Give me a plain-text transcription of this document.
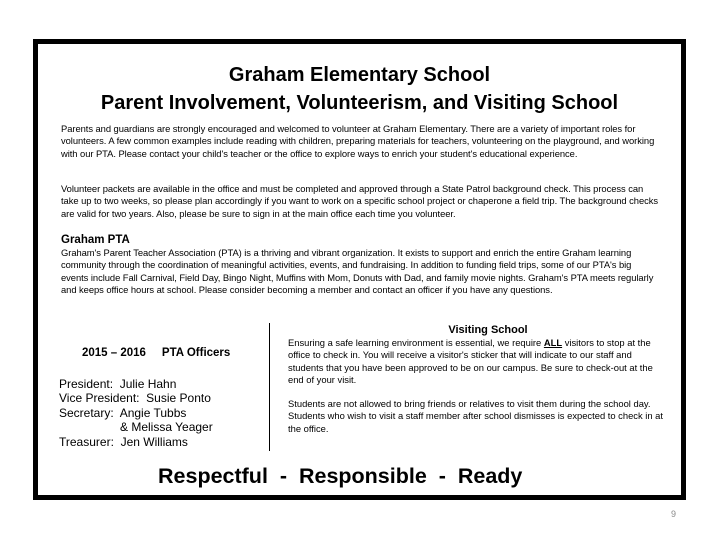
Graham Elementary School
Parent Involvement, Volunteerism, and Visiting School
Parents and guardians are strongly encouraged and welcomed to volunteer at Graham Elementary. There are a variety of important roles for volunteers. A few common examples include reading with children, preparing materials for teachers, volunteering on the playground, and working with our PTA. Please contact your child's teacher or the office to explore ways to enrich your student's educational experience.
Volunteer packets are available in the office and must be completed and approved through a State Patrol background check. This process can take up to two weeks, so please plan accordingly if you want to work on a specific school project or chaperone a field trip. The background checks are valid for two years. Also, please be sure to sign in at the main office each time you volunteer.
Graham PTA
Graham's Parent Teacher Association (PTA) is a thriving and vibrant organization. It exists to support and enrich the entire Graham learning community through the coordination of meaningful activities, events, and fundraising. In addition to funding field trips, some of our PTA's big events include Fall Carnival, Field Day, Bingo Night, Muffins with Mom, Donuts with Dad, and family movie nights. Graham's PTA meets regularly and keeps office hours at school. Please consider becoming a member and contact an officer if you have any questions.
2015 – 2016     PTA Officers
President:  Julie Hahn
Vice President:  Susie Ponto
Secretary:  Angie Tubbs
& Melissa Yeager
Treasurer:  Jen Williams
Visiting School

Ensuring a safe learning environment is essential, we require ALL visitors to stop at the office to check in. You will receive a visitor's sticker that will indicate to our staff and students that you have been approved to be on our campus. Be sure to check-out at the end of your visit.

Students are not allowed to bring friends or relatives to visit them during the school day. Students who wish to visit a staff member after school dismisses is expected to check in at the office.

Respectful  -  Responsible  -  Ready
9
